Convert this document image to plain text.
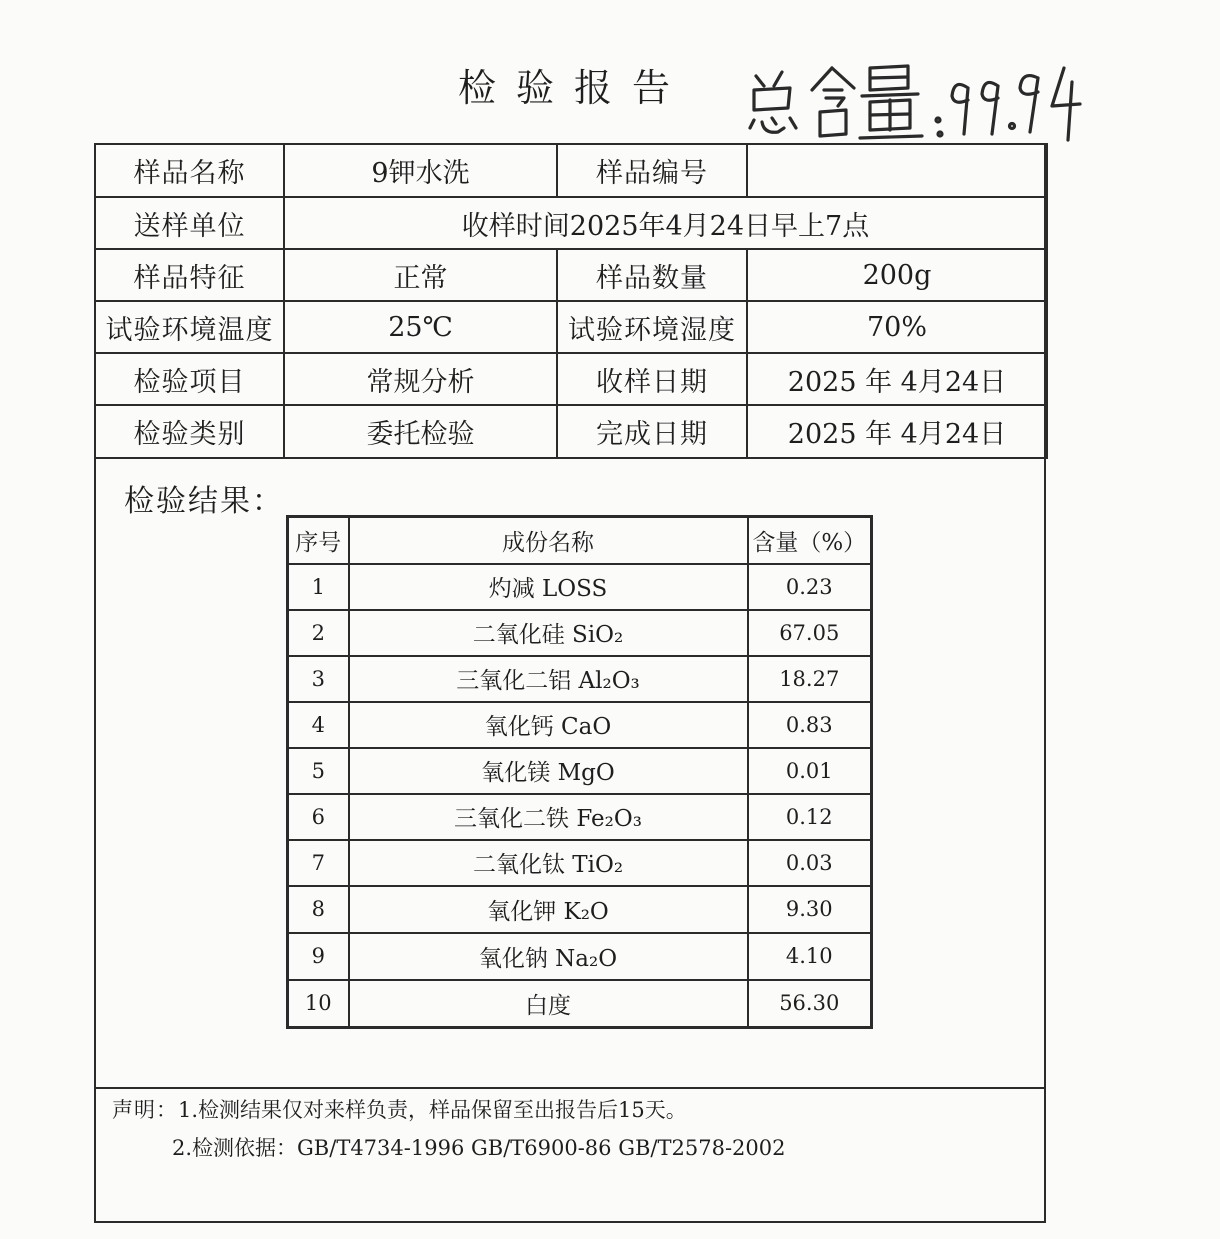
检验报告
样品名称	9钾水洗	样品编号	
送样单位	收样时间2025年4月24日早上7点		
样品特征	正常	样品数量	200g
试验环境温度	25℃	试验环境湿度	70%
检验项目	常规分析	收样日期	2025 年 4月24日
检验类别	委托检验	完成日期	2025 年 4月24日
检验结果：
序号	成份名称	含量（%）
1	灼减 LOSS	0.23
2	二氧化硅 SiO₂	67.05
3	三氧化二铝 Al₂O₃	18.27
4	氧化钙 CaO	0.83
5	氧化镁 MgO	0.01
6	三氧化二铁 Fe₂O₃	0.12
7	二氧化钛 TiO₂	0.03
8	氧化钾 K₂O	9.30
9	氧化钠 Na₂O	4.10
10	白度	56.30
声明：1.检测结果仅对来样负责，样品保留至出报告后15天。
2.检测依据：GB/T4734-1996 GB/T6900-86 GB/T2578-2002
